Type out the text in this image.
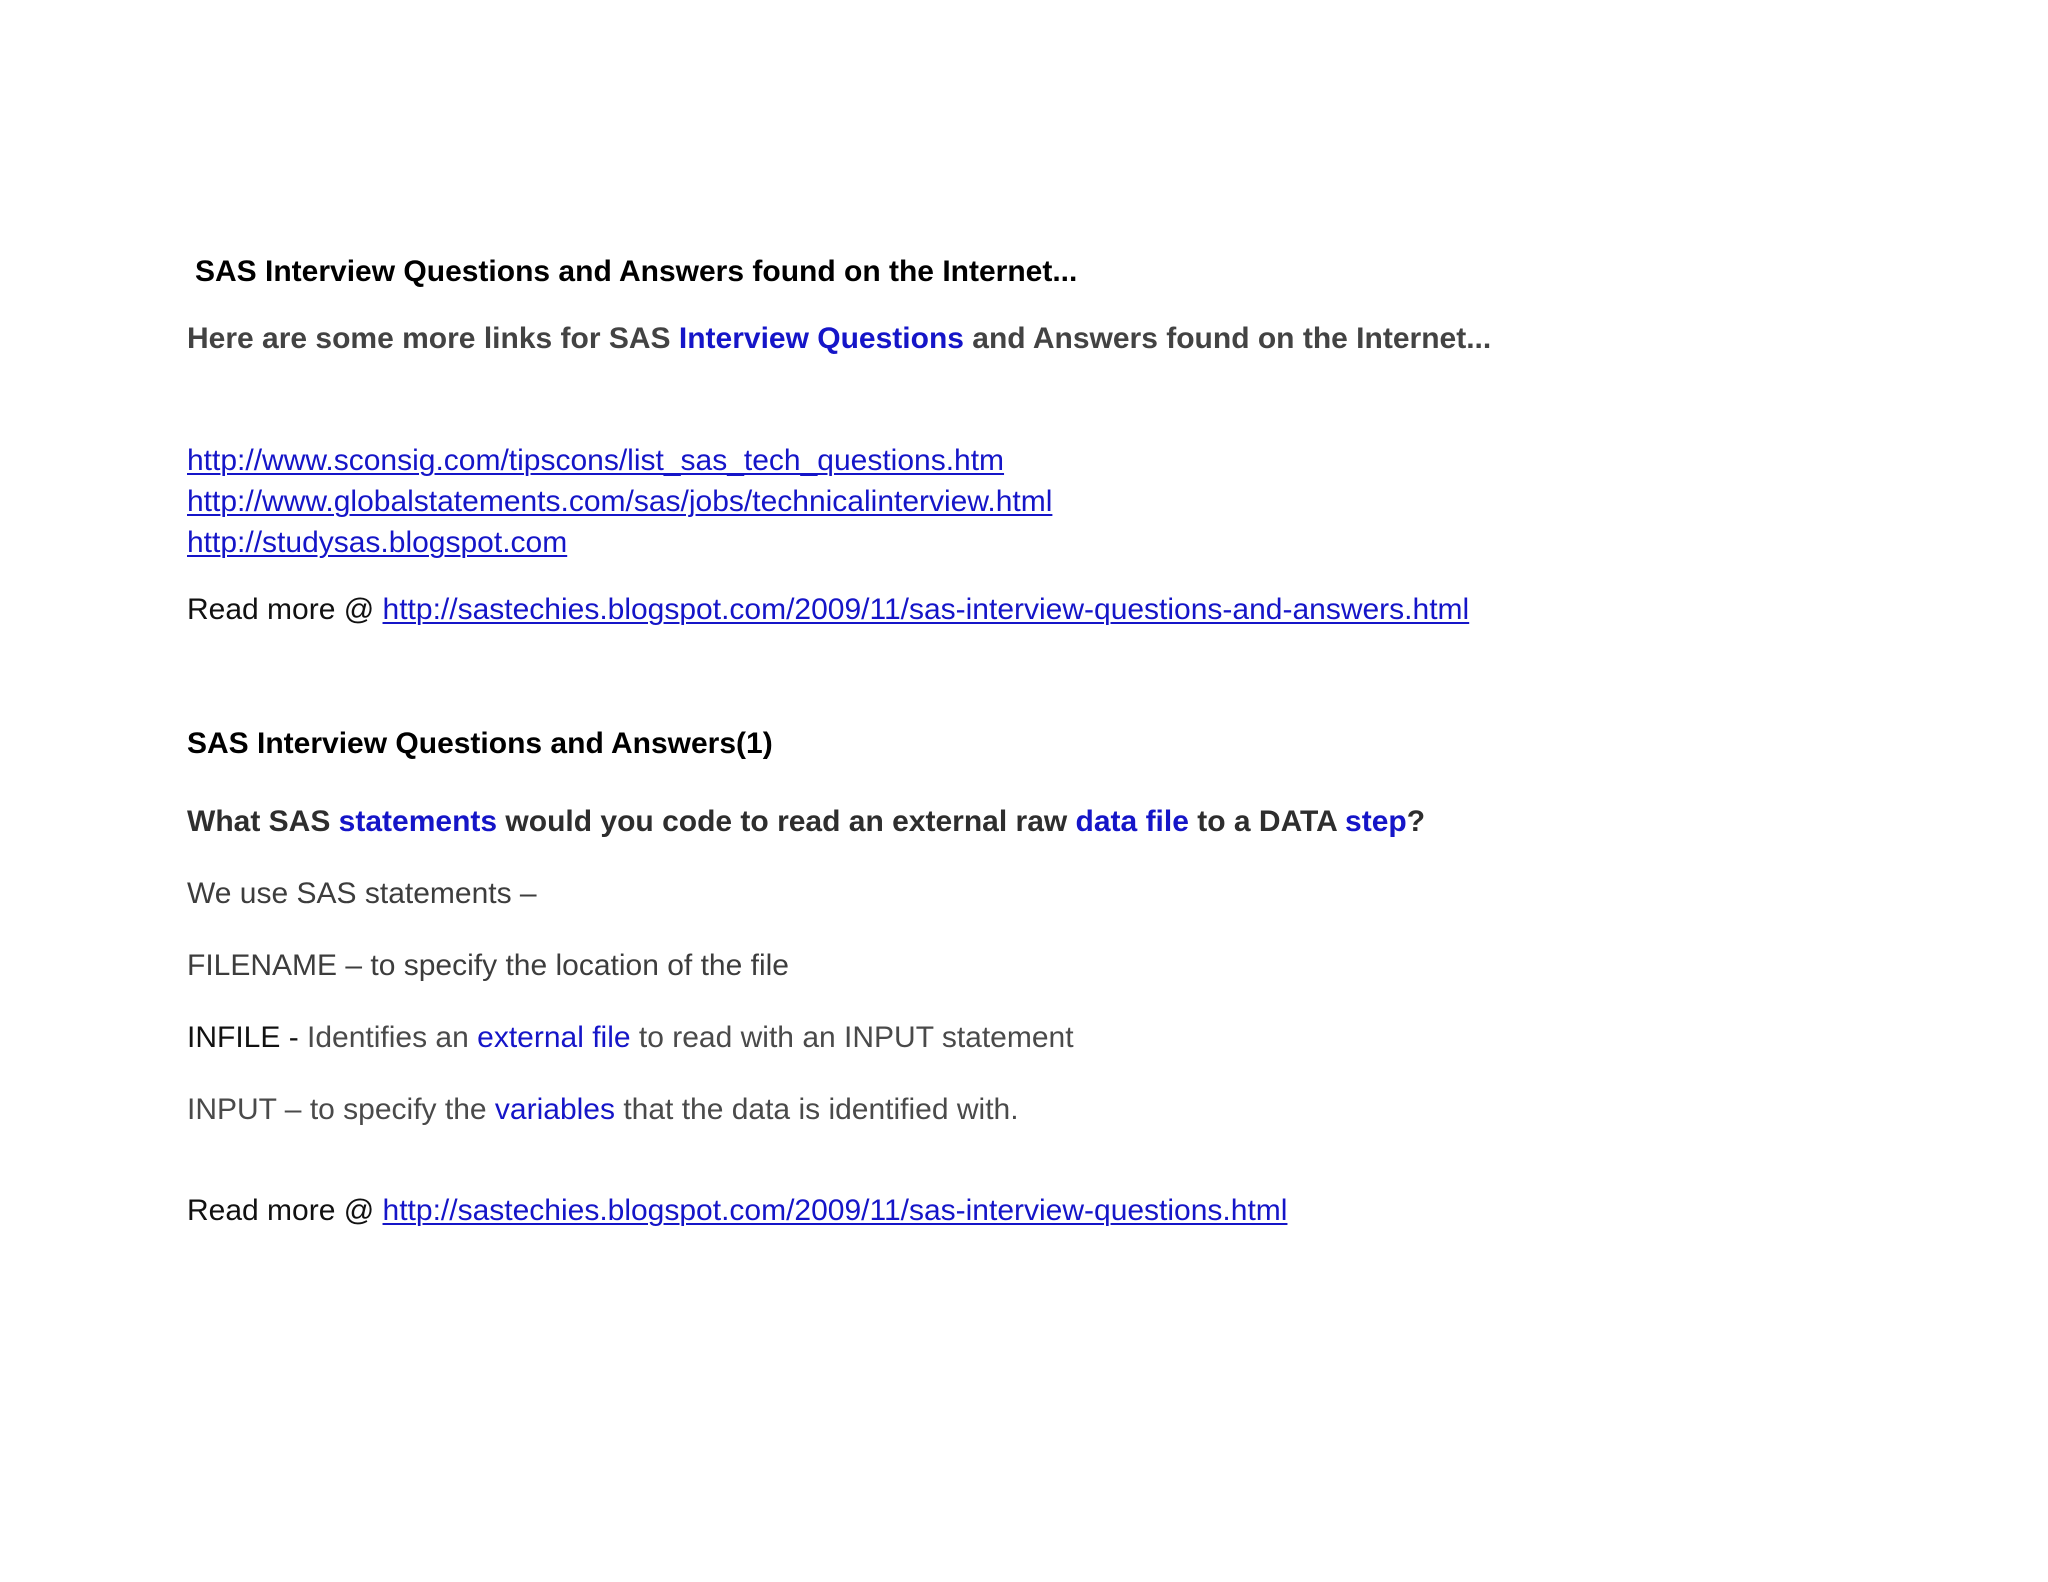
SAS Interview Questions and Answers found on the Internet...
Here are some more links for SAS Interview Questions and Answers found on the Internet...
http://www.sconsig.com/tipscons/list_sas_tech_questions.htm
http://www.globalstatements.com/sas/jobs/technicalinterview.html
http://studysas.blogspot.com
Read more @ http://sastechies.blogspot.com/2009/11/sas-interview-questions-and-answers.html
SAS Interview Questions and Answers(1)
What SAS statements would you code to read an external raw data file to a DATA step?
We use SAS statements –
FILENAME – to specify the location of the file
INFILE - Identifies an external file to read with an INPUT statement
INPUT – to specify the variables that the data is identified with.
Read more @ http://sastechies.blogspot.com/2009/11/sas-interview-questions.html
